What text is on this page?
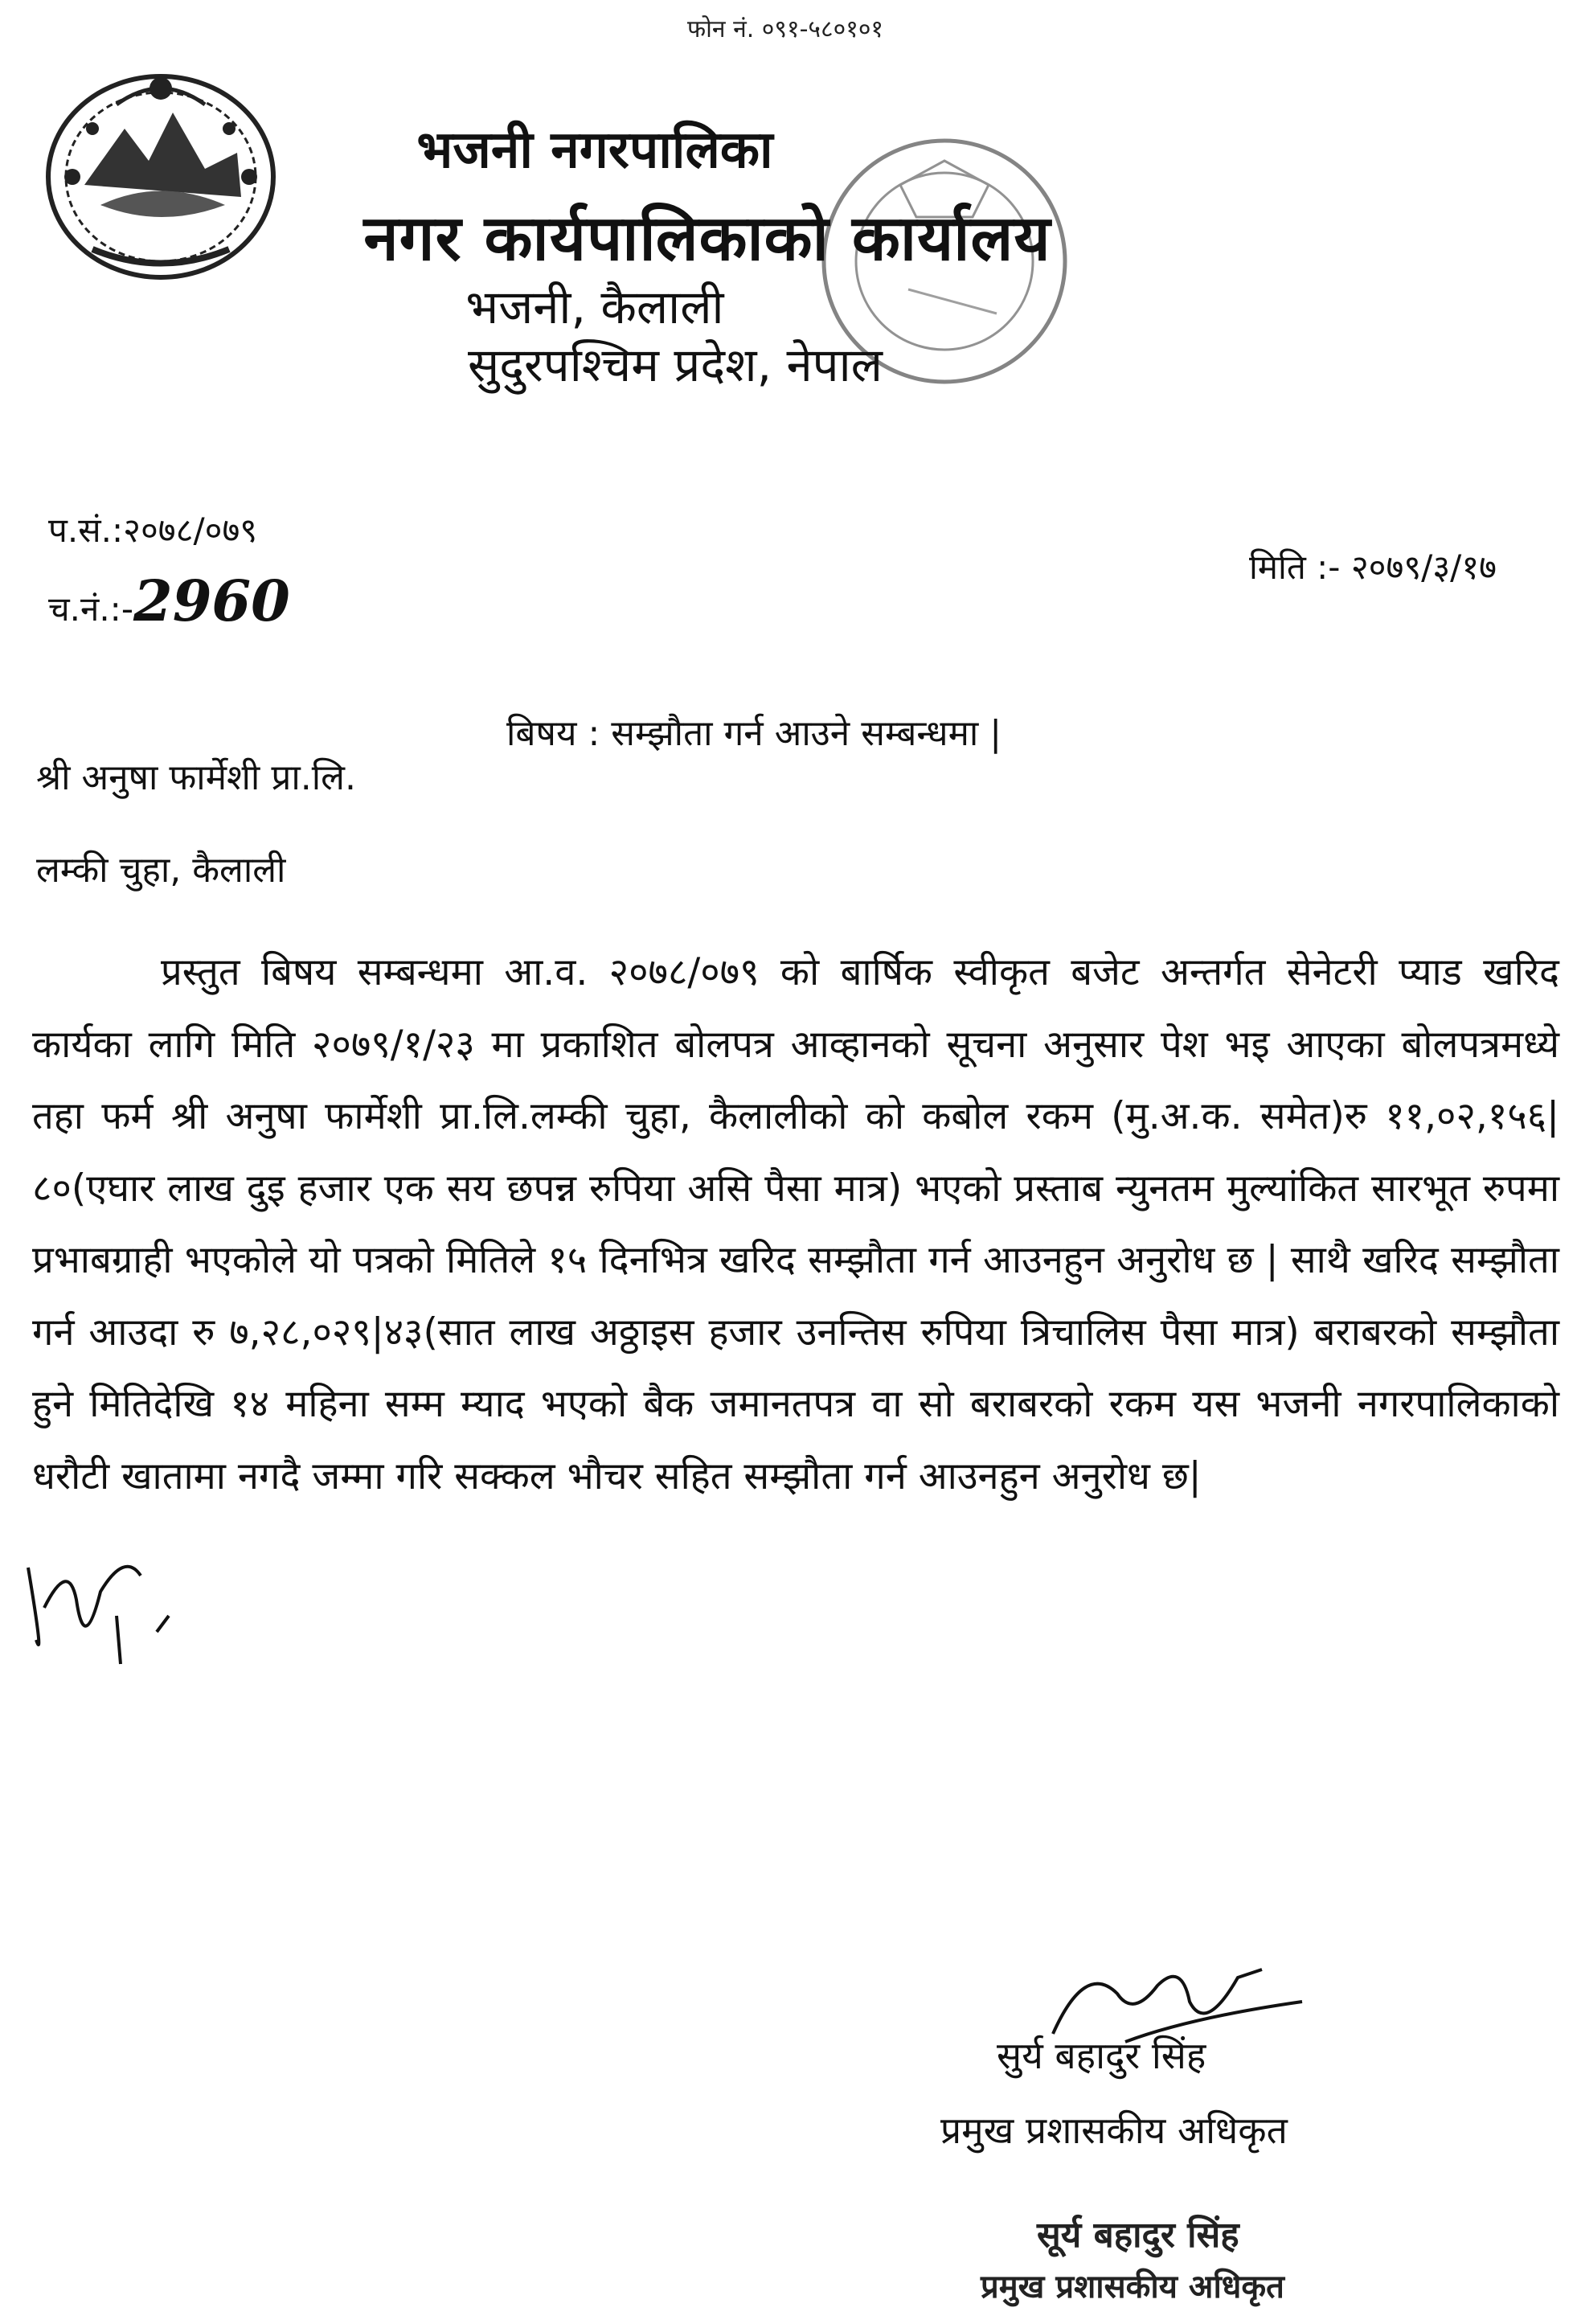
फोन नं. ०९१-५८०१०१
भजनी नगरपालिका
नगर कार्यपालिकाको कार्यालय
भजनी, कैलाली
सुदुरपश्चिम प्रदेश, नेपाल
प.सं.:२०७८/०७९
च.नं.:-2960
मिति :- २०७९/३/१७
बिषय : सम्झौता गर्न आउने सम्बन्धमा |
श्री अनुषा फार्मेशी प्रा.लि.
लम्की चुहा, कैलाली
प्रस्तुत बिषय सम्बन्धमा आ.व. २०७८/०७९ को बार्षिक स्वीकृत बजेट अन्तर्गत सेनेटरी प्याड खरिद कार्यका लागि मिति २०७९/१/२३ मा प्रकाशित बोलपत्र आव्हानको सूचना अनुसार पेश भइ आएका बोलपत्रमध्ये तहा फर्म श्री अनुषा फार्मेशी प्रा.लि.लम्की चुहा, कैलालीको को कबोल रकम (मु.अ.क. समेत)रु ११,०२,१५६|८०(एघार लाख दुइ हजार एक सय छपन्न रुपिया असि पैसा मात्र) भएको प्रस्ताब न्युनतम मुल्यांकित सारभूत रुपमा प्रभाबग्राही भएकोले यो पत्रको मितिले १५ दिनभित्र खरिद सम्झौता गर्न आउनहुन अनुरोध छ | साथै खरिद सम्झौता गर्न आउदा रु ७,२८,०२९|४३(सात लाख अठ्ठाइस हजार उनन्तिस रुपिया त्रिचालिस पैसा मात्र) बराबरको सम्झौता हुने मितिदेखि १४ महिना सम्म म्याद भएको बैक जमानतपत्र वा सो बराबरको रकम यस भजनी नगरपालिकाको धरौटी खातामा नगदै जम्मा गरि सक्कल भौचर सहित सम्झौता गर्न आउनहुन अनुरोध छ|
सुर्य बहादुर सिंह
प्रमुख प्रशासकीय अधिकृत
सूर्य बहादुर सिंह
प्रमुख प्रशासकीय अधिकृत
